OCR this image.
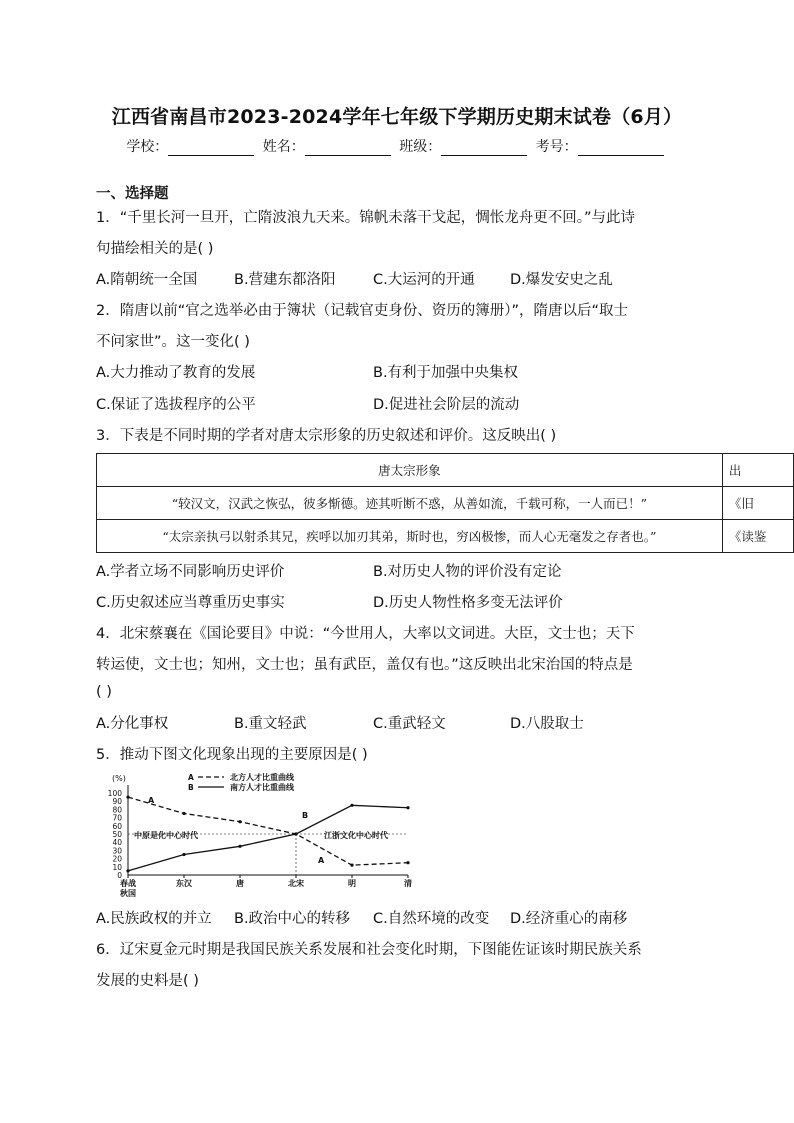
江西省南昌市2023-2024学年七年级下学期历史期末试卷（6月）
学校：	姓名：	班级：	考号：
一、选择题
1．“千里长河一旦开，亡隋波浪九天来。锦帆未落干戈起，惆怅龙舟更不回。”与此诗
句描绘相关的是( )
A.隋朝统一全国	B.营建东都洛阳	C.大运河的开通 D.爆发安史之乱
2．隋唐以前“官之选举必由于簿状（记载官吏身份、资历的簿册）”，隋唐以后“取士
不问家世”。这一变化( )
A.大力推动了教育的发展	B.有利于加强中央集权
C.保证了选拔程序的公平	D.促进社会阶层的流动
3．下表是不同时期的学者对唐太宗形象的历史叙述和评价。这反映出( )
唐太宗形象	出
“较汉文，汉武之恢弘，彼多惭德。迹其听断不惑，从善如流，千载可称，一人而已！”	《旧
“太宗亲执弓以射杀其兄，疾呼以加刃其弟，斯时也，穷凶极惨，而人心无毫发之存者也。”	《读鉴
A.学者立场不同影响历史评价	B.对历史人物的评价没有定论
C.历史叙述应当尊重历史事实	D.历史人物性格多变无法评价
4．北宋蔡襄在《国论要目》中说：“今世用人，大率以文词进。大臣，文士也；天下
转运使，文士也；知州，文士也；虽有武臣，盖仅有也。”这反映出北宋治国的特点是
( )
A.分化事权	B.重文轻武	C.重武轻文	D.八股取士
5．推动下图文化现象出现的主要原因是( )
(%)
100
90
80
70
60
50
40
30
20
10
0
春战	东汉	唐	北宋	明	清
秋国
A
A
B
A	北方人才比重曲线
B	南方人才比重曲线
中原是化中心时代	江浙文化中心时代
A.民族政权的并立 B.政治中心的转移 C.自然环境的改变 D.经济重心的南移
6．辽宋夏金元时期是我国民族关系发展和社会变化时期，下图能佐证该时期民族关系
发展的史料是( )
